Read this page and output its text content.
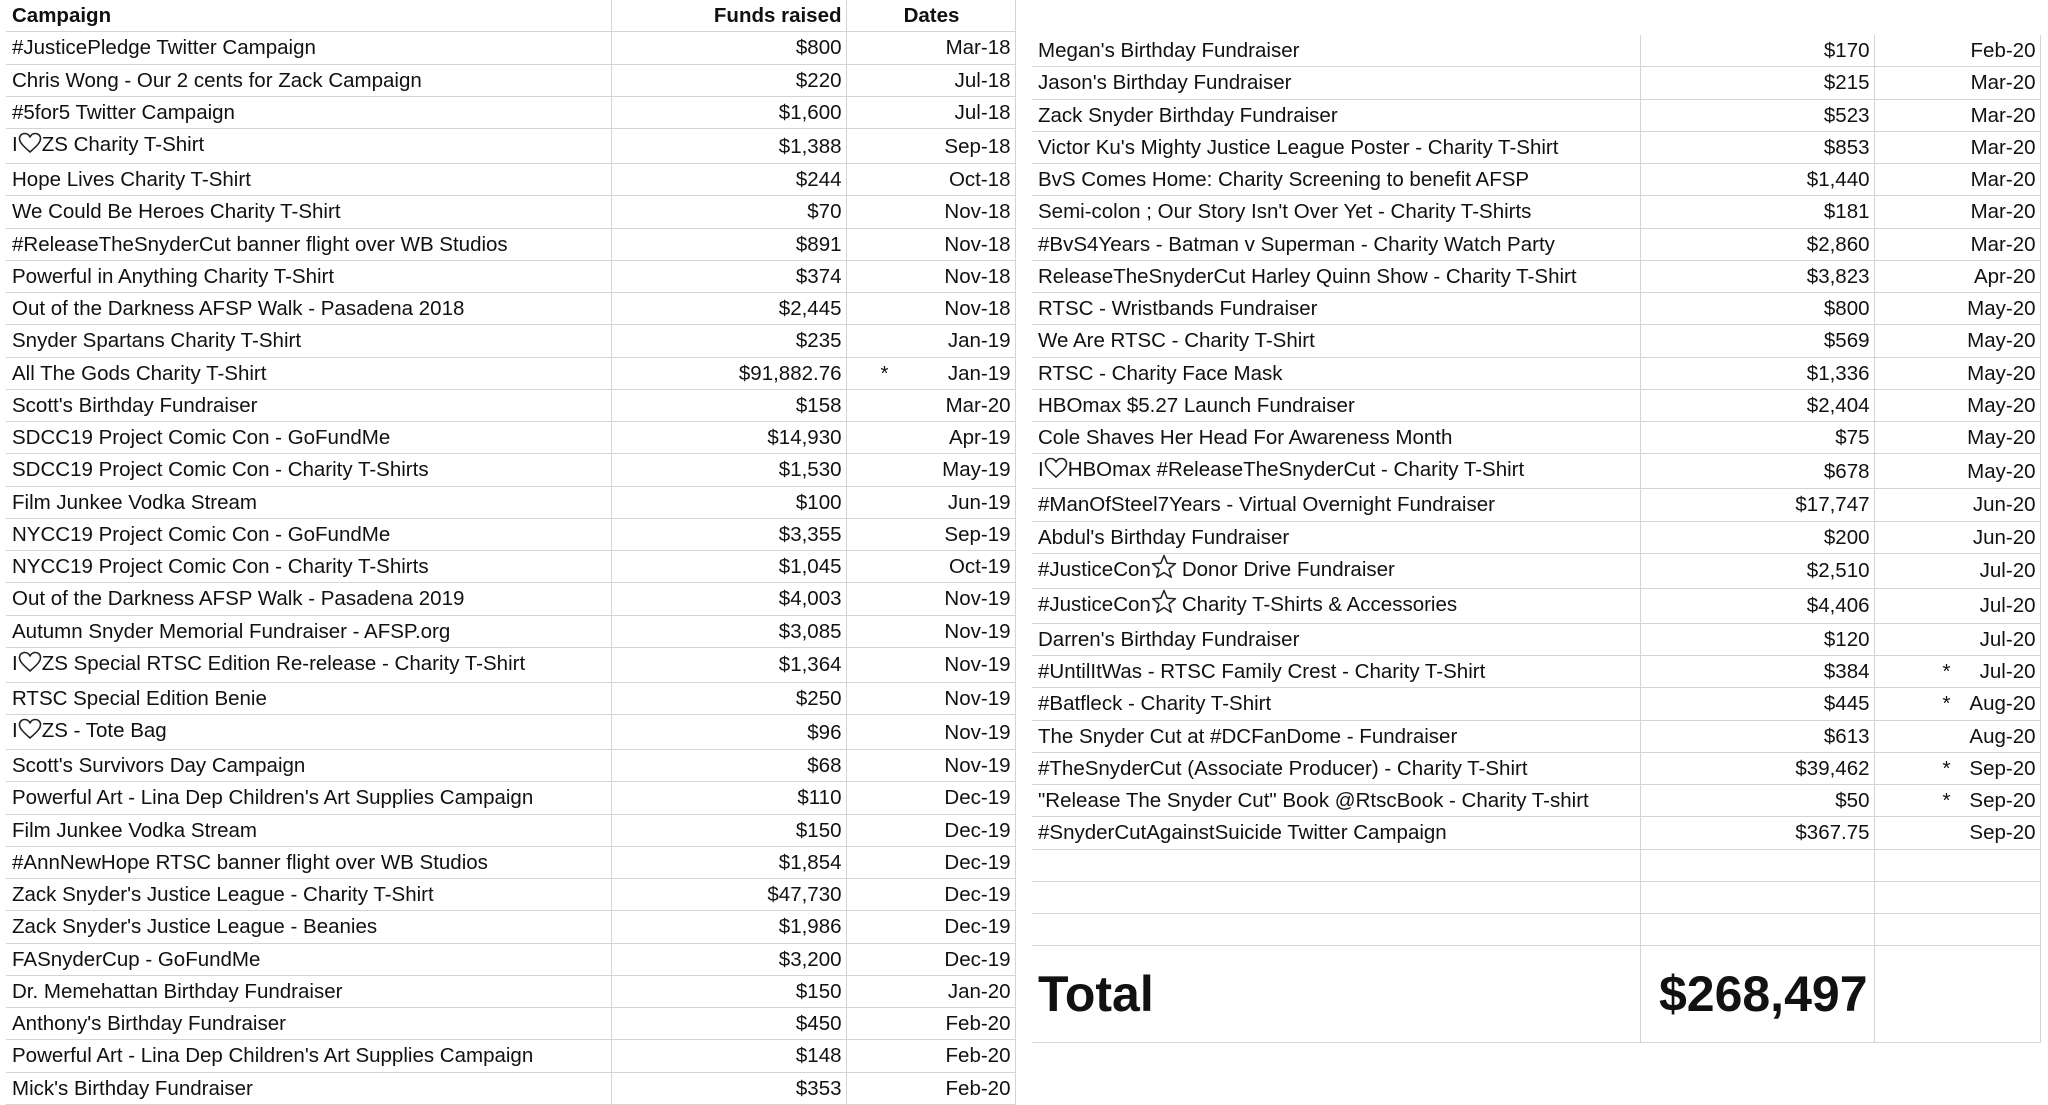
Campaign	Funds raised	Dates
#JusticePledge Twitter Campaign	$800	Mar-18
Chris Wong - Our 2 cents for Zack Campaign	$220	Jul-18
#5for5 Twitter Campaign	$1,600	Jul-18
I ZS Charity T-Shirt	$1,388	Sep-18
Hope Lives Charity T-Shirt	$244	Oct-18
We Could Be Heroes Charity T-Shirt	$70	Nov-18
#ReleaseTheSnyderCut banner flight over WB Studios	$891	Nov-18
Powerful in Anything Charity T-Shirt	$374	Nov-18
Out of the Darkness AFSP Walk - Pasadena 2018	$2,445	Nov-18
Snyder Spartans Charity T-Shirt	$235	Jan-19
All The Gods Charity T-Shirt	$91,882.76	* Jan-19
Scott's Birthday Fundraiser	$158	Mar-20
SDCC19 Project Comic Con - GoFundMe	$14,930	Apr-19
SDCC19 Project Comic Con - Charity T-Shirts	$1,530	May-19
Film Junkee Vodka Stream	$100	Jun-19
NYCC19 Project Comic Con - GoFundMe	$3,355	Sep-19
NYCC19 Project Comic Con - Charity T-Shirts	$1,045	Oct-19
Out of the Darkness AFSP Walk - Pasadena 2019	$4,003	Nov-19
Autumn Snyder Memorial Fundraiser - AFSP.org	$3,085	Nov-19
I ZS Special RTSC Edition Re-release - Charity T-Shirt	$1,364	Nov-19
RTSC Special Edition Benie	$250	Nov-19
I ZS - Tote Bag	$96	Nov-19
Scott's Survivors Day Campaign	$68	Nov-19
Powerful Art - Lina Dep Children's Art Supplies Campaign	$110	Dec-19
Film Junkee Vodka Stream	$150	Dec-19
#AnnNewHope RTSC banner flight over WB Studios	$1,854	Dec-19
Zack Snyder's Justice League - Charity T-Shirt	$47,730	Dec-19
Zack Snyder's Justice League - Beanies	$1,986	Dec-19
FASnyderCup - GoFundMe	$3,200	Dec-19
Dr. Memehattan Birthday Fundraiser	$150	Jan-20
Anthony's Birthday Fundraiser	$450	Feb-20
Powerful Art - Lina Dep Children's Art Supplies Campaign	$148	Feb-20
Mick's Birthday Fundraiser	$353	Feb-20
Megan's Birthday Fundraiser	$170	Feb-20
Jason's Birthday Fundraiser	$215	Mar-20
Zack Snyder Birthday Fundraiser	$523	Mar-20
Victor Ku's Mighty Justice League Poster - Charity T-Shirt	$853	Mar-20
BvS Comes Home: Charity Screening to benefit AFSP	$1,440	Mar-20
Semi-colon ; Our Story Isn't Over Yet - Charity T-Shirts	$181	Mar-20
#BvS4Years - Batman v Superman - Charity Watch Party	$2,860	Mar-20
ReleaseTheSnyderCut Harley Quinn Show - Charity T-Shirt	$3,823	Apr-20
RTSC - Wristbands Fundraiser	$800	May-20
We Are RTSC - Charity T-Shirt	$569	May-20
RTSC - Charity Face Mask	$1,336	May-20
HBOmax $5.27 Launch Fundraiser	$2,404	May-20
Cole Shaves Her Head For Awareness Month	$75	May-20
I HBOmax #ReleaseTheSnyderCut - Charity T-Shirt	$678	May-20
#ManOfSteel7Years - Virtual Overnight Fundraiser	$17,747	Jun-20
Abdul's Birthday Fundraiser	$200	Jun-20
#JusticeCon Donor Drive Fundraiser	$2,510	Jul-20
#JusticeCon Charity T-Shirts & Accessories	$4,406	Jul-20
Darren's Birthday Fundraiser	$120	Jul-20
#UntilItWas - RTSC Family Crest - Charity T-Shirt	$384	* Jul-20
#Batfleck - Charity T-Shirt	$445	* Aug-20
The Snyder Cut at #DCFanDome - Fundraiser	$613	Aug-20
#TheSnyderCut (Associate Producer) - Charity T-Shirt	$39,462	* Sep-20
"Release The Snyder Cut" Book @RtscBook - Charity T-shirt	$50	* Sep-20
#SnyderCutAgainstSuicide Twitter Campaign	$367.75	Sep-20

Total	$268,497	
